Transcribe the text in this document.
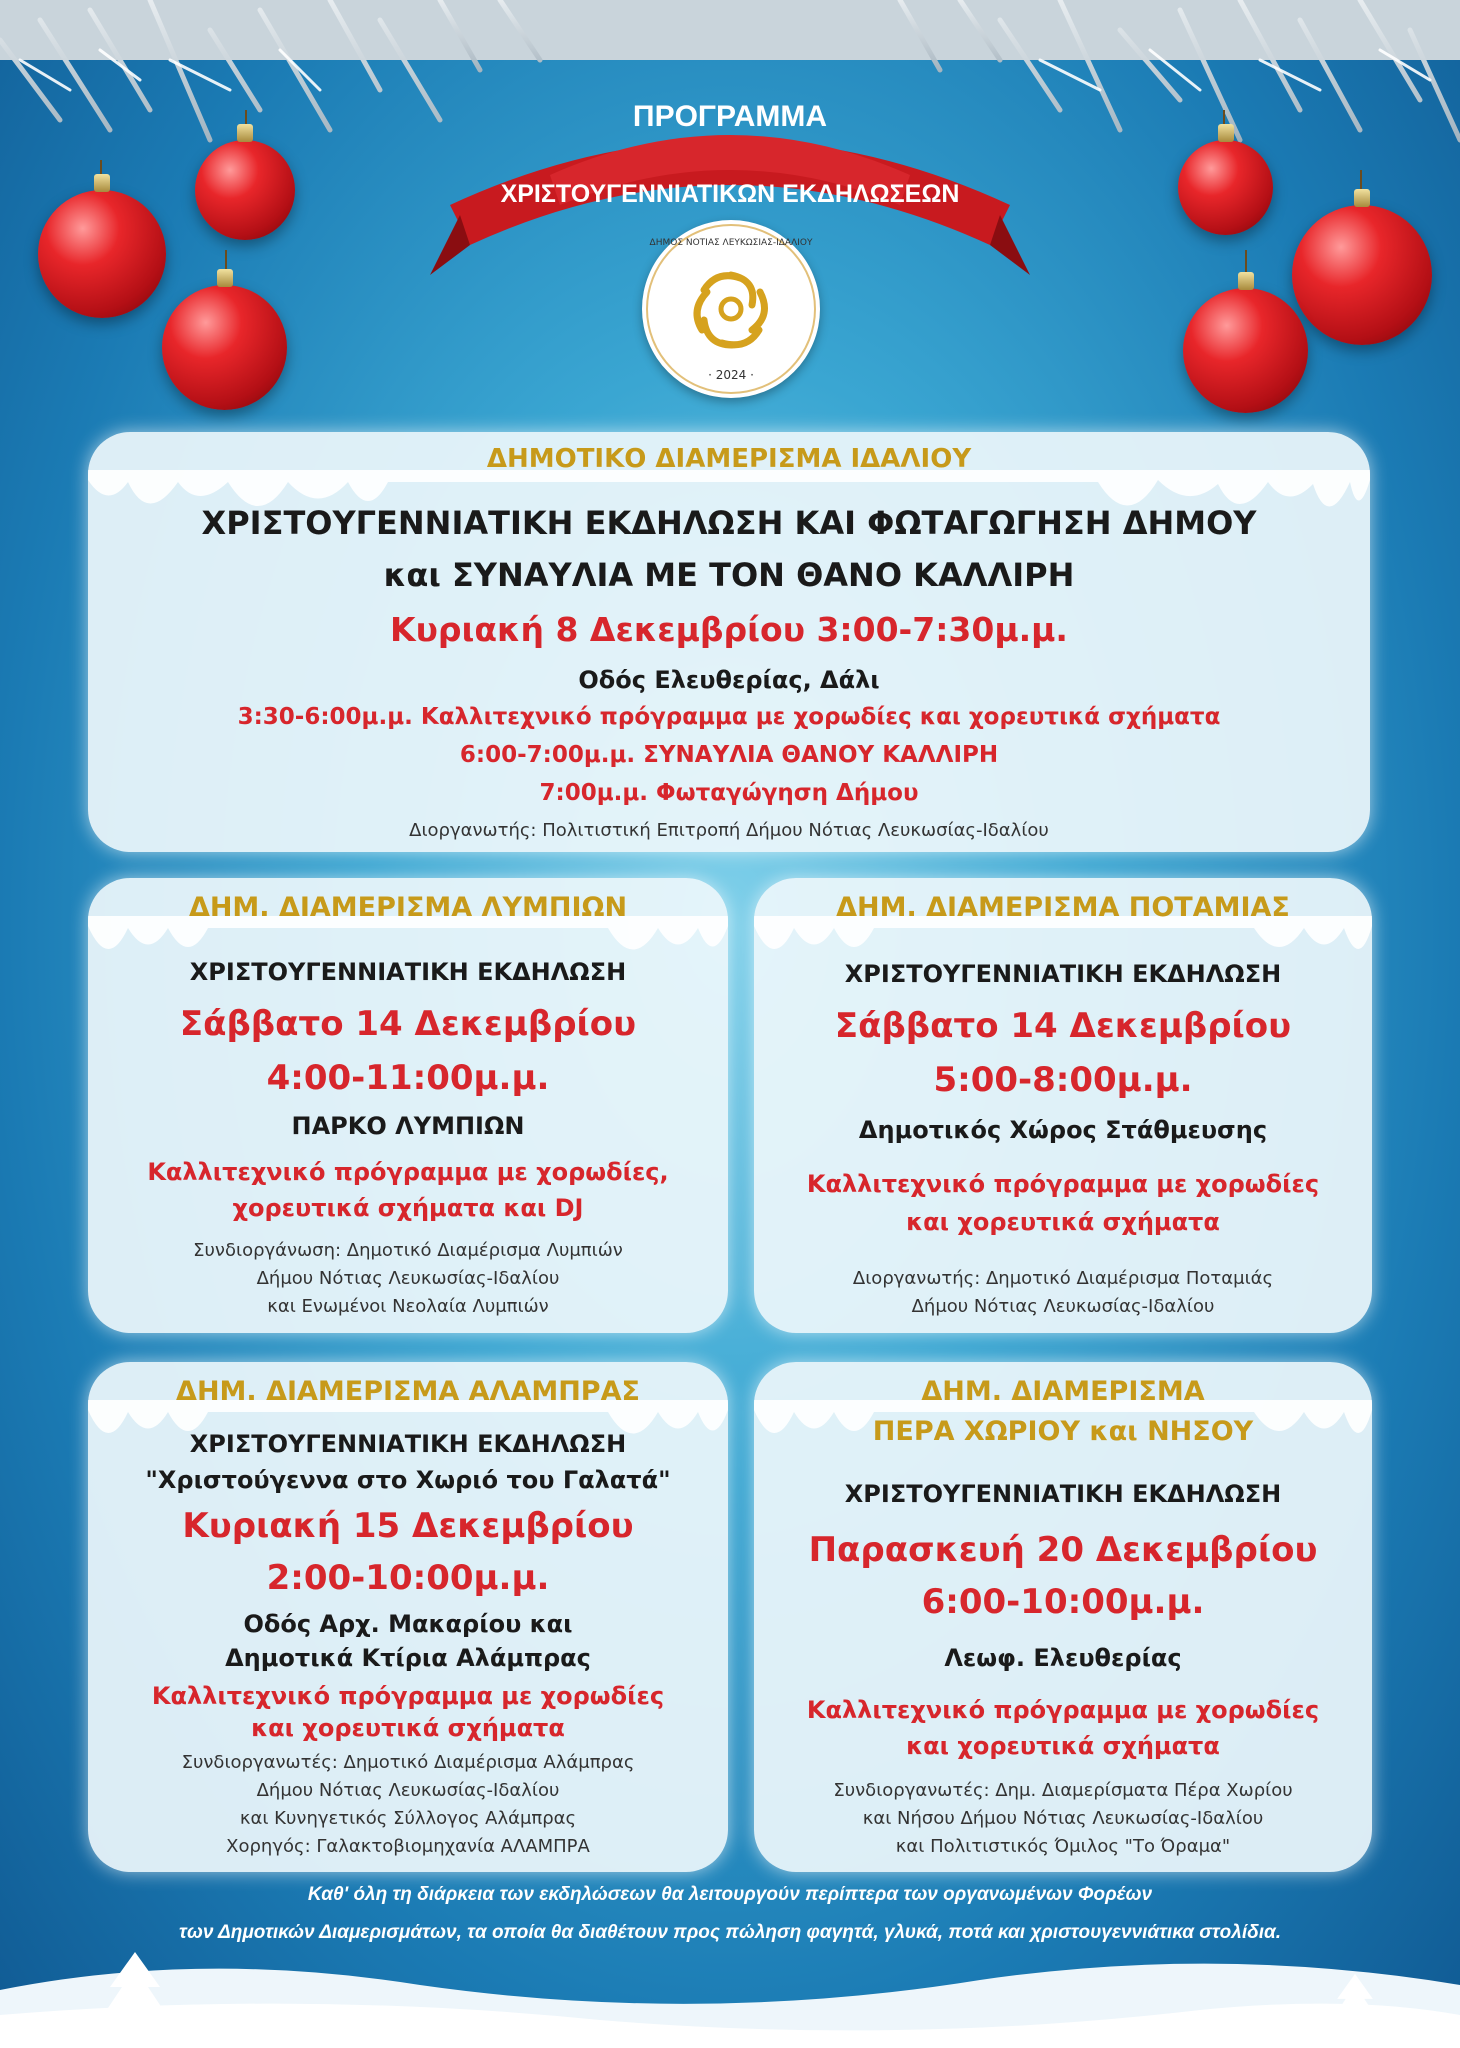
ΠΡΟΓΡΑΜΜΑ
ΧΡΙΣΤΟΥΓΕΝΝΙΑΤΙΚΩΝ ΕΚΔΗΛΩΣΕΩΝ
ΔΗΜΟΣ ΝΟΤΙΑΣ ΛΕΥΚΩΣΙΑΣ-ΙΔΑΛΙΟΥ
· 2024 ·
ΔΗΜΟΤΙΚΟ ΔΙΑΜΕΡΙΣΜΑ ΙΔΑΛΙΟΥ
ΧΡΙΣΤΟΥΓΕΝΝΙΑΤΙΚΗ ΕΚΔΗΛΩΣΗ ΚΑΙ ΦΩΤΑΓΩΓΗΣΗ ΔΗΜΟΥ
και ΣΥΝΑΥΛΙΑ ΜΕ ΤΟΝ ΘΑΝΟ ΚΑΛΛΙΡΗ
Κυριακή 8 Δεκεμβρίου 3:00-7:30μ.μ.
Οδός Ελευθερίας, Δάλι
3:30-6:00μ.μ. Καλλιτεχνικό πρόγραμμα με χορωδίες και χορευτικά σχήματα
6:00-7:00μ.μ. ΣΥΝΑΥΛΙΑ ΘΑΝΟΥ ΚΑΛΛΙΡΗ
7:00μ.μ. Φωταγώγηση Δήμου
Διοργανωτής: Πολιτιστική Επιτροπή Δήμου Νότιας Λευκωσίας-Ιδαλίου
ΔΗΜ. ΔΙΑΜΕΡΙΣΜΑ ΛΥΜΠΙΩΝ
ΧΡΙΣΤΟΥΓΕΝΝΙΑΤΙΚΗ ΕΚΔΗΛΩΣΗ
Σάββατο 14 Δεκεμβρίου
4:00-11:00μ.μ.
ΠΑΡΚΟ ΛΥΜΠΙΩΝ
Καλλιτεχνικό πρόγραμμα με χορωδίες,
χορευτικά σχήματα και DJ
Συνδιοργάνωση: Δημοτικό Διαμέρισμα Λυμπιών
Δήμου Νότιας Λευκωσίας-Ιδαλίου
και Ενωμένοι Νεολαία Λυμπιών
ΔΗΜ. ΔΙΑΜΕΡΙΣΜΑ ΠΟΤΑΜΙΑΣ
ΧΡΙΣΤΟΥΓΕΝΝΙΑΤΙΚΗ ΕΚΔΗΛΩΣΗ
Σάββατο 14 Δεκεμβρίου
5:00-8:00μ.μ.
Δημοτικός Χώρος Στάθμευσης
Καλλιτεχνικό πρόγραμμα με χορωδίες
και χορευτικά σχήματα
Διοργανωτής: Δημοτικό Διαμέρισμα Ποταμιάς
Δήμου Νότιας Λευκωσίας-Ιδαλίου
ΔΗΜ. ΔΙΑΜΕΡΙΣΜΑ ΑΛΑΜΠΡΑΣ
ΧΡΙΣΤΟΥΓΕΝΝΙΑΤΙΚΗ ΕΚΔΗΛΩΣΗ
"Χριστούγεννα στο Χωριό του Γαλατά"
Κυριακή 15 Δεκεμβρίου
2:00-10:00μ.μ.
Οδός Αρχ. Μακαρίου και
Δημοτικά Κτίρια Αλάμπρας
Καλλιτεχνικό πρόγραμμα με χορωδίες
και χορευτικά σχήματα
Συνδιοργανωτές: Δημοτικό Διαμέρισμα Αλάμπρας
Δήμου Νότιας Λευκωσίας-Ιδαλίου
και Κυνηγετικός Σύλλογος Αλάμπρας
Χορηγός: Γαλακτοβιομηχανία ΑΛΑΜΠΡΑ
ΔΗΜ. ΔΙΑΜΕΡΙΣΜΑ
ΠΕΡΑ ΧΩΡΙΟΥ και ΝΗΣΟΥ
ΧΡΙΣΤΟΥΓΕΝΝΙΑΤΙΚΗ ΕΚΔΗΛΩΣΗ
Παρασκευή 20 Δεκεμβρίου
6:00-10:00μ.μ.
Λεωφ. Ελευθερίας
Καλλιτεχνικό πρόγραμμα με χορωδίες
και χορευτικά σχήματα
Συνδιοργανωτές: Δημ. Διαμερίσματα Πέρα Χωρίου
και Νήσου Δήμου Νότιας Λευκωσίας-Ιδαλίου
και Πολιτιστικός Όμιλος "Το Όραμα"
Καθ' όλη τη διάρκεια των εκδηλώσεων θα λειτουργούν περίπτερα των οργανωμένων Φορέων
των Δημοτικών Διαμερισμάτων, τα οποία θα διαθέτουν προς πώληση φαγητά, γλυκά, ποτά και χριστουγεννιάτικα στολίδια.
